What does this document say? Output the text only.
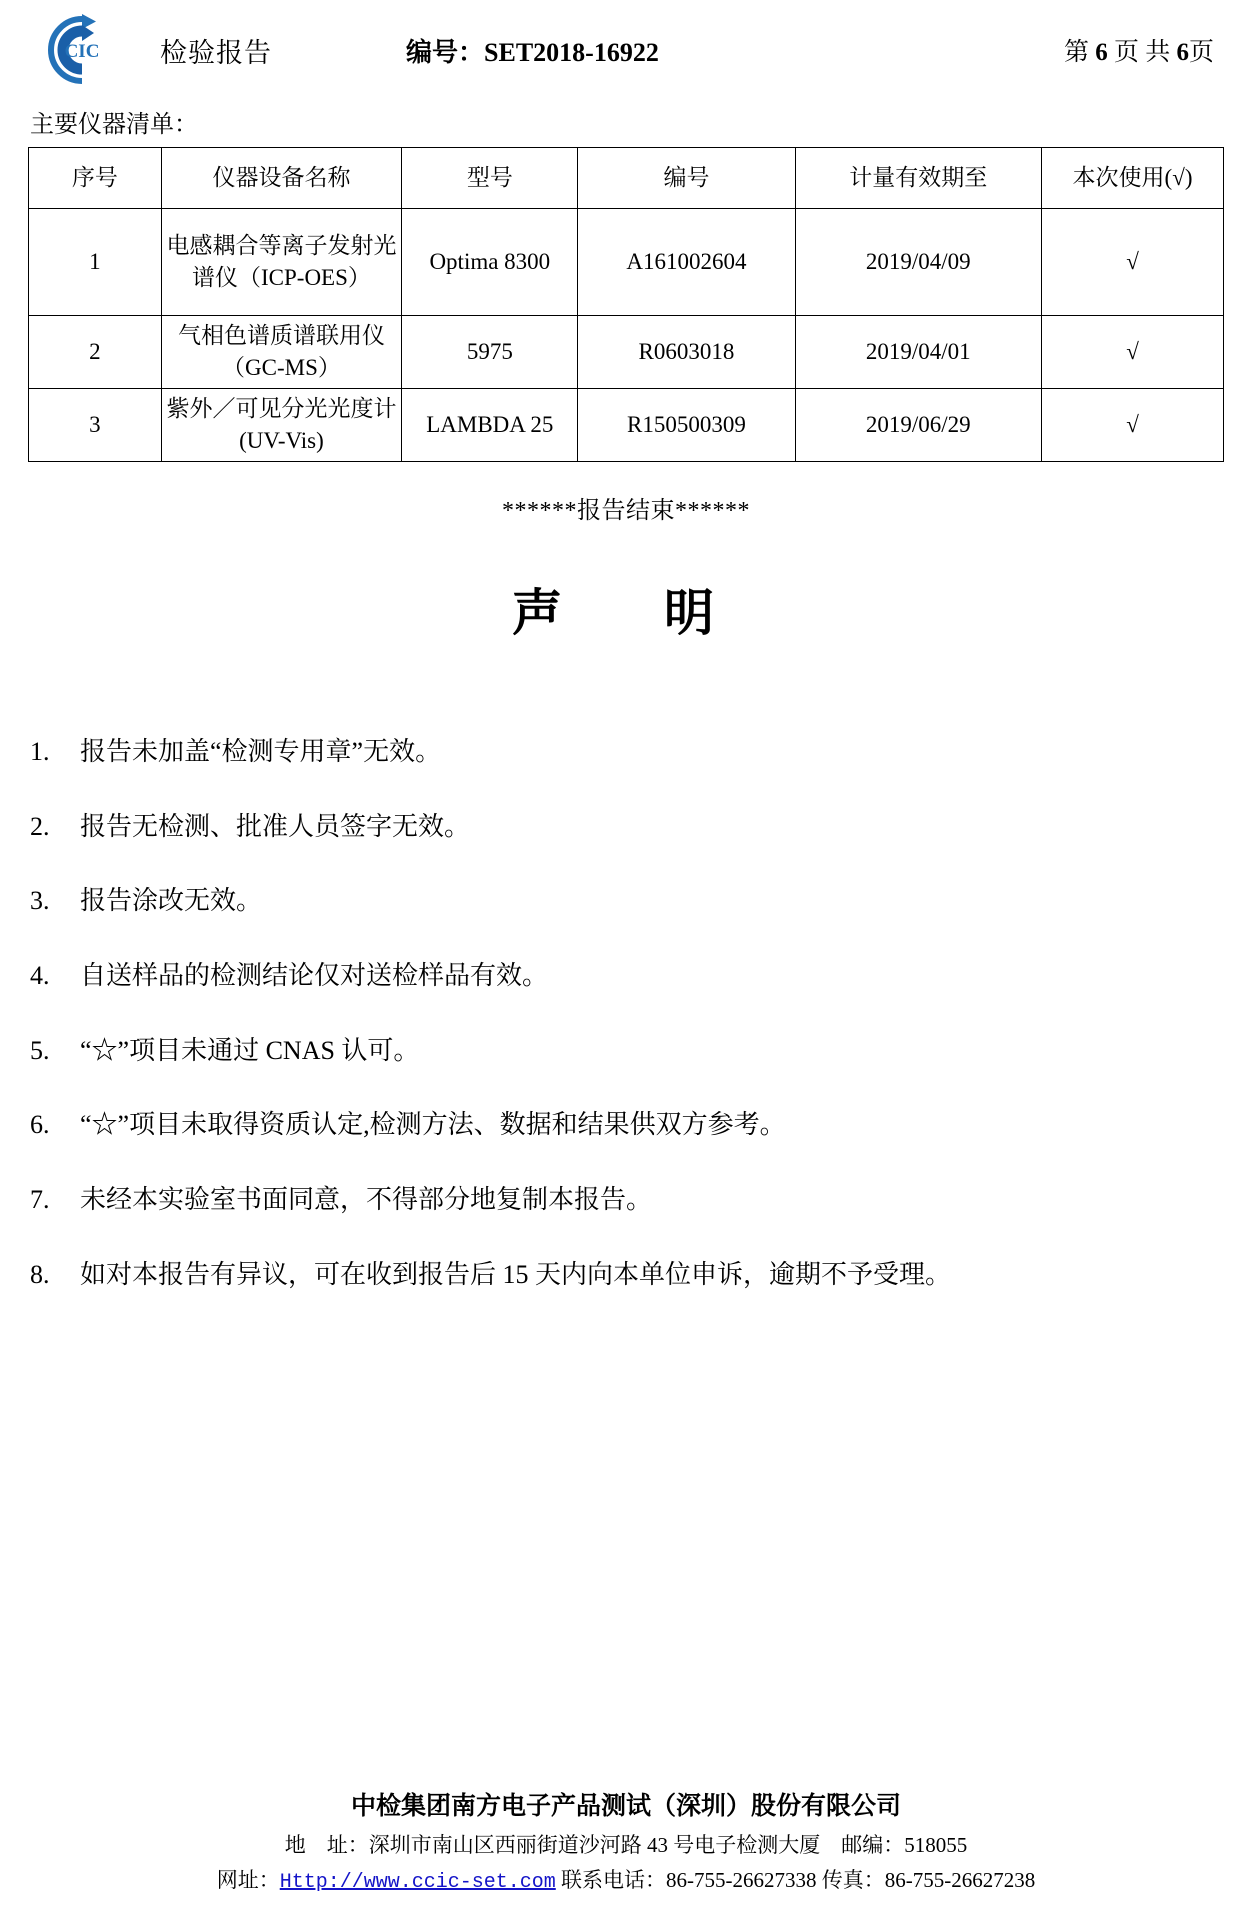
CIC 检验报告	编号：SET2018-16922	第 6 页 共 6页
主要仪器清单：
序号	仪器设备名称	型号	编号	计量有效期至	本次使用(√)
1	电感耦合等离子发射光谱仪（ICP-OES）	Optima 8300	A161002604	2019/04/09	√
2	气相色谱质谱联用仪（GC-MS）	5975	R0603018	2019/04/01	√
3	紫外／可见分光光度计(UV-Vis)	LAMBDA 25	R150500309	2019/06/29	√
******报告结束******
声　明
1.	报告未加盖“检测专用章”无效。
2.	报告无检测、批准人员签字无效。
3.	报告涂改无效。
4.	自送样品的检测结论仅对送检样品有效。
5.	“☆”项目未通过 CNAS 认可。
6.	“☆”项目未取得资质认定,检测方法、数据和结果供双方参考。
7.	未经本实验室书面同意，不得部分地复制本报告。
8.	如对本报告有异议，可在收到报告后 15 天内向本单位申诉，逾期不予受理。
中检集团南方电子产品测试（深圳）股份有限公司
地　址：深圳市南山区西丽街道沙河路 43 号电子检测大厦　邮编：518055
网址：Http://www.ccic-set.com 联系电话：86-755-26627338 传真：86-755-26627238
